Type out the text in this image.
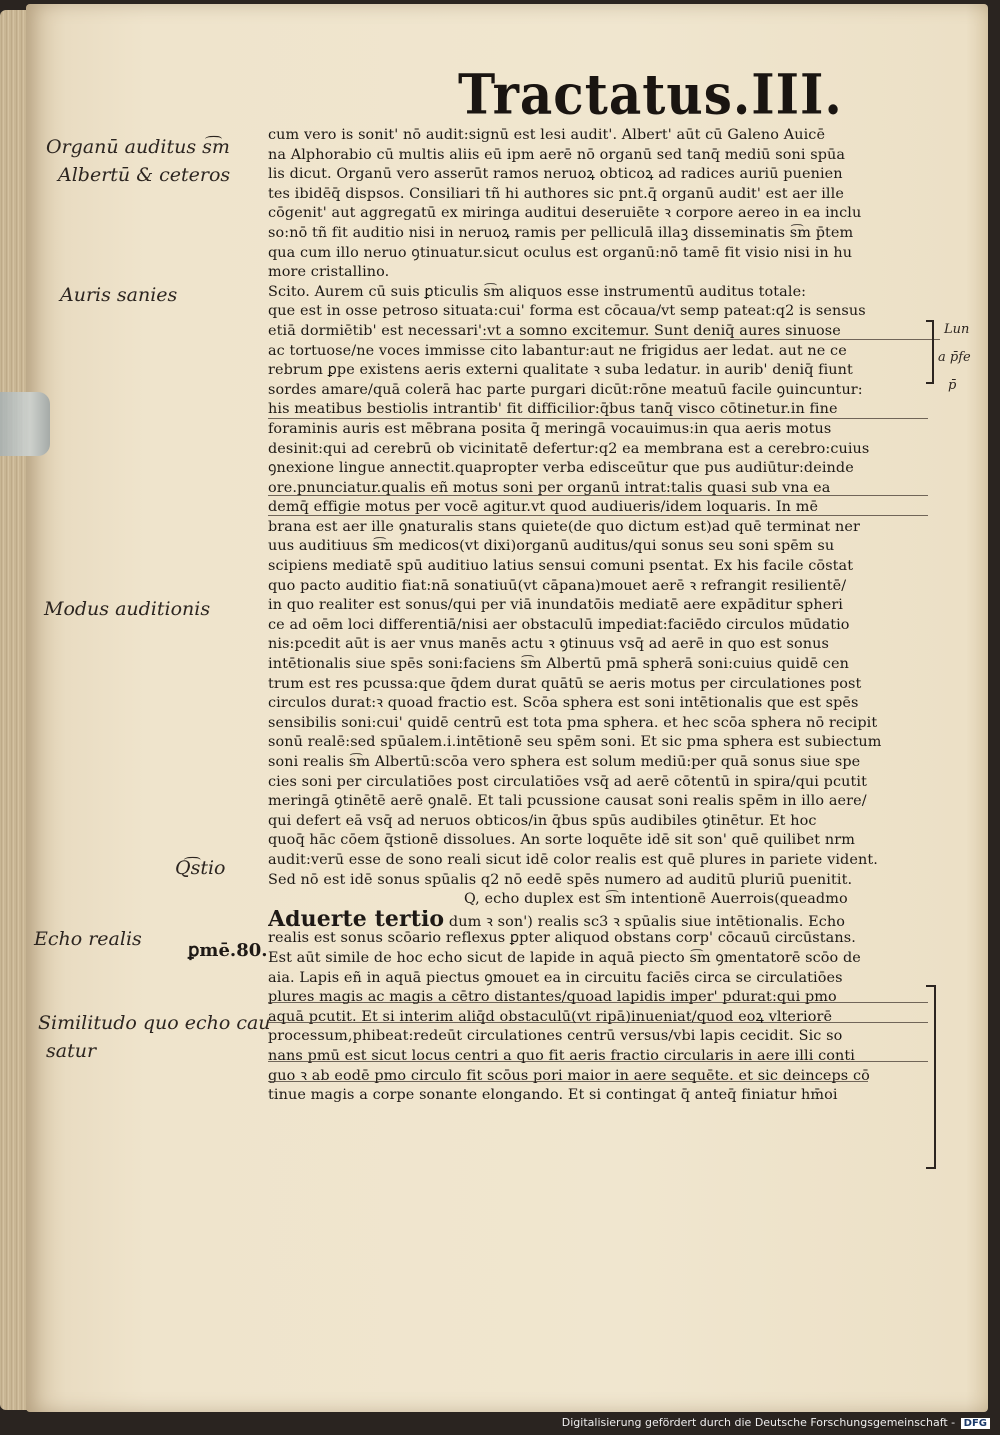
Tractatus.III.
Organū auditus s͡m
Albertū & ceteros
Auris sanies
Modus auditionis
Q͡stio
Echo realis
Similitudo quo echo cau
satur
Lun
a p̄fe
p̄
ꝑmē.80.
cum vero is sonit' nō audit:signū est lesi audit'. Albert' aūt cū Galeno Auicē
na Alphorabio cū multis aliis eū ipm aerē nō organū sed tanq̄ mediū soni spūa
lis dicut. Organū vero asserūt ramos neruoꝝ obticoꝝ ad radices auriū puenien
tes ibidēq̄ dispsos. Consiliari tñ hi authores sic pnt.q̄ organū audit' est aer ille
cōgenit' aut aggregatū ex miringa auditui deseruiēte ꝛ corpore aereo in ea inclu
so:nō tñ fit auditio nisi in neruoꝝ ramis per pelliculā illaꝫ disseminatis s͡m p̄tem
qua cum illo neruo ꝯtinuatur.sicut oculus est organū:nō tamē fit visio nisi in hu
more cristallino.
Scito. Aurem cū suis ꝑticulis s͡m aliquos esse instrumentū auditus totale:
que est in osse petroso situata:cui' forma est cōcaua/vt semp pateat:q2 is sensus
etiā dormiētib' est necessari':vt a somno excitemur. Sunt deniq̄ aures sinuose
ac tortuose/ne voces immisse cito labantur:aut ne frigidus aer ledat. aut ne ce
rebrum ꝑpe existens aeris externi qualitate ꝛ suba ledatur. in aurib' deniq̄ fiunt
sordes amare/quā colerā hac parte purgari dicūt:rōne meatuū facile ꝯuincuntur:
his meatibus bestiolis intrantib' fit difficilior:q̄bus tanq̄ visco cōtinetur.in fine
foraminis auris est mēbrana posita q̄̄ meringā vocauimus:in qua aeris motus
desinit:qui ad cerebrū ob vicinitatē defertur:q2 ea membrana est a cerebro:cuius
ꝯnexione lingue annectit.quapropter verba edisceūtur que pus audiūtur:deinde
ore.pnunciatur.qualis eñ motus soni per organū intrat:talis quasi sub vna ea
demq̄ effigie motus per vocē agitur.vt quod audiueris/idem loquaris. In mē
brana est aer ille ꝯnaturalis stans quiete(de quo dictum est)ad quē terminat ner
uus auditiuus s͡m medicos(vt dixi)organū auditus/qui sonus seu soni spēm su
scipiens mediatē spū auditiuo latius sensui comuni psentat. Ex his facile cōstat
quo pacto auditio fiat:nā sonatiuū(vt cāpana)mouet aerē ꝛ refrangit resilientē/
in quo realiter est sonus/qui per viā inundatōis mediatē aere expāditur spheri
ce ad oēm loci differentiā/nisi aer obstaculū impediat:faciēdo circulos mūdatio
nis:pcedit aūt is aer vnus manēs actu ꝛ ꝯtinuus vsq̄ ad aerē in quo est sonus
intētionalis siue spēs soni:faciens s͡m Albertū pmā spherā soni:cuius quidē cen
trum est res pcussa:que q̄dem durat quātū se aeris motus per circulationes post
circulos durat:ꝛ quoad fractio est. Scōa sphera est soni intētionalis que est spēs
sensibilis soni:cui' quidē centrū est tota pma sphera. et hec scōa sphera nō recipit
sonū realē:sed spūalem.i.intētionē seu spēm soni. Et sic pma sphera est subiectum
soni realis s͡m Albertū:scōa vero sphera est solum mediū:per quā sonus siue spe
cies soni per circulatiōes post circulatiōes vsq̄ ad aerē cōtentū in spira/qui pcutit
meringā ꝯtinētē aerē ꝯnalē. Et tali pcussione causat soni realis spēm in illo aere/
qui defert eā vsq̄ ad neruos obticos/in q̄bus spūs audibiles ꝯtinētur. Et hoc
quoq̄ hāc cōem q̄stionē dissolues. An sorte loquēte idē sit son' quē quilibet nrm
audit:verū esse de sono reali sicut idē color realis est quē plures in pariete vident.
Sed nō est idē sonus spūalis q2 nō eedē spēs numero ad auditū pluriū puenitit.
Q, echo duplex est s͡m intentionē Auerrois(queadmo
Aduerte tertio dum ꝛ son') realis sc3 ꝛ spūalis siue intētionalis. Echo
realis est sonus scōario reflexus ꝑpter aliquod obstans corp' cōcauū circūstans.
Est aūt simile de hoc echo sicut de lapide in aquā piecto s͡m ꝯmentatorē scōo de
aia. Lapis eñ in aquā piectus ꝯmouet ea in circuitu faciēs circa se circulatiōes
plures magis ac magis a cētro distantes/quoad lapidis imper' pdurat:qui pmo
aquā pcutit. Et si interim aliq̄d obstaculū(vt ripā)inueniat/quod eoꝝ vlteriorē
processum,phibeat:redeūt circulationes centrū versus/vbi lapis cecidit. Sic so
nans pmū est sicut locus centri a quo fit aeris fractio circularis in aere illi conti
guo ꝛ ab eodē pmo circulo fit scōus pori maior in aere sequēte. et sic deinceps cō
tinue magis a corpe sonante elongando. Et si contingat q̄ anteq̄ finiatur hm̄oi
Digitalisierung gefördert durch die Deutsche Forschungsgemeinschaft - DFG
